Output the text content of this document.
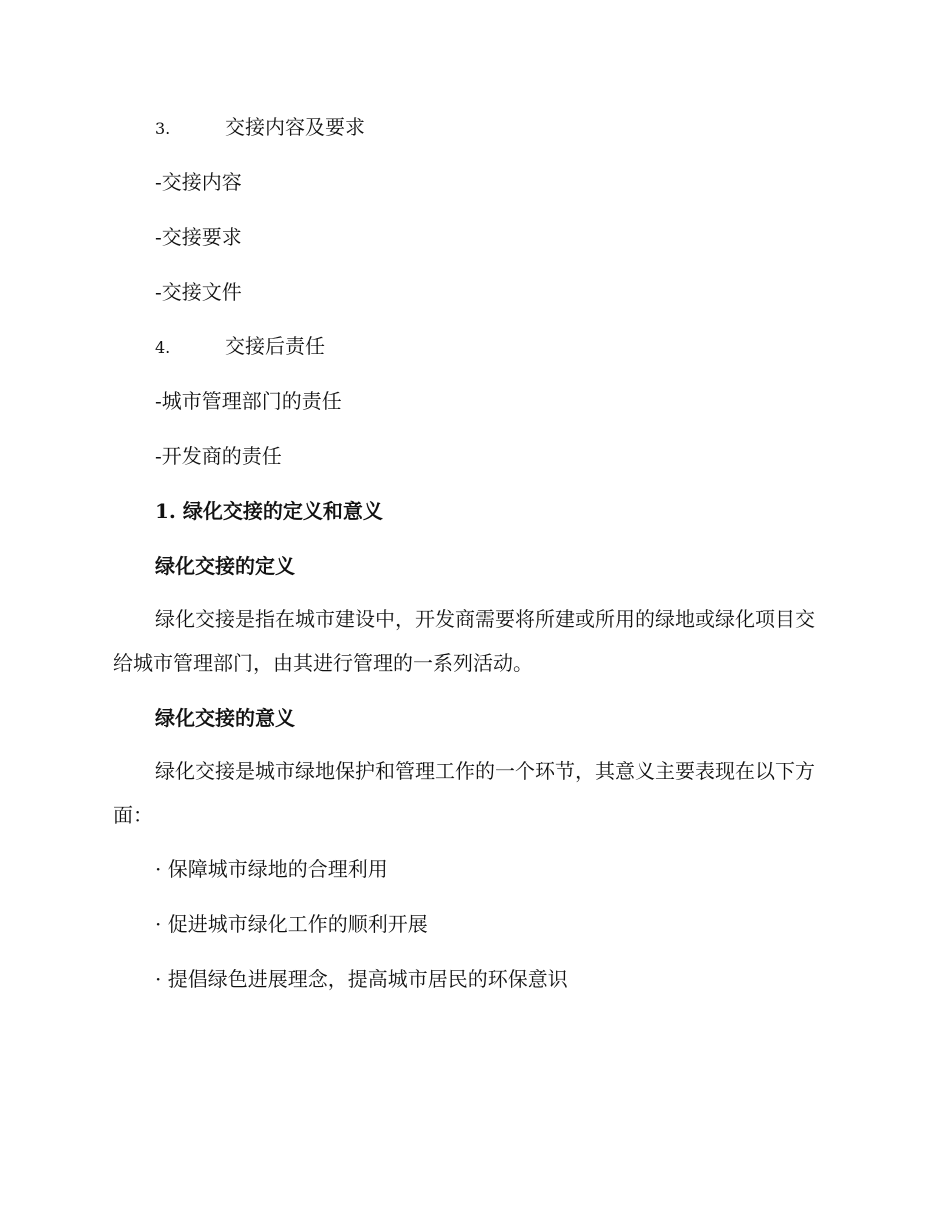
3.	交接内容及要求
-交接内容
-交接要求
-交接文件
4.	交接后责任
-城市管理部门的责任
-开发商的责任
1. 绿化交接的定义和意义
绿化交接的定义
绿化交接是指在城市建设中，开发商需要将所建或所用的绿地或绿化项目交给城市管理部门，由其进行管理的一系列活动。
绿化交接的意义
绿化交接是城市绿地保护和管理工作的一个环节，其意义主要表现在以下方面：
· 保障城市绿地的合理利用
· 促进城市绿化工作的顺利开展
· 提倡绿色进展理念，提高城市居民的环保意识
